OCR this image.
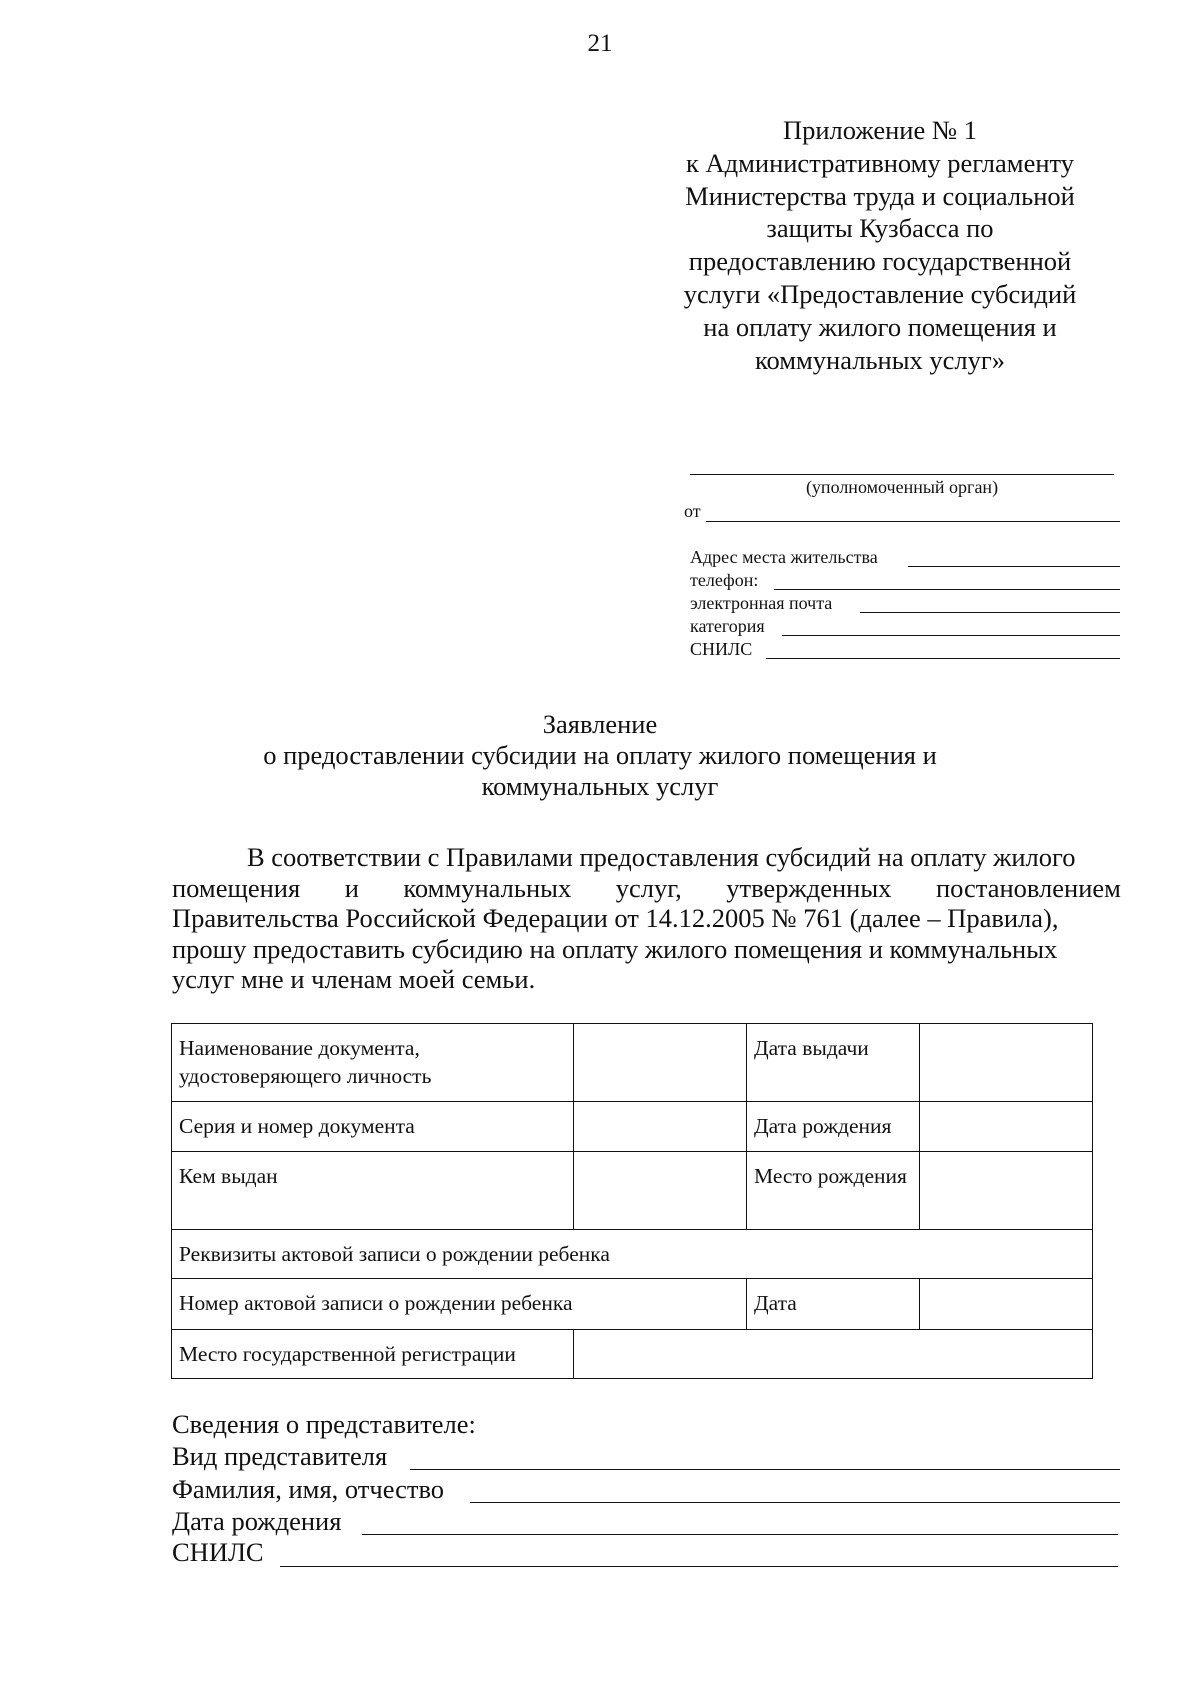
21
Приложение № 1
к Административному регламенту
Министерства труда и социальной
защиты Кузбасса по
предоставлению государственной
услуги «Предоставление субсидий
на оплату жилого помещения и
коммунальных услуг»
(уполномоченный орган)
от
Адрес места жительства
телефон:
электронная почта
категория
СНИЛС
Заявление
о предоставлении субсидии на оплату жилого помещения и
коммунальных услуг
В соответствии с Правилами предоставления субсидий на оплату жилого
помещения и коммунальных услуг, утвержденных постановлением
Правительства Российской Федерации от 14.12.2005 № 761 (далее – Правила),
прошу предоставить субсидию на оплату жилого помещения и коммунальных
услуг мне и членам моей семьи.
Наименование документа, удостоверяющего личность		Дата выдачи	
Серия и номер документа		Дата рождения	
Кем выдан		Место рождения	
Реквизиты актовой записи о рождении ребенка			
Номер актовой записи о рождении ребенка		Дата	
Место государственной регистрации			
Сведения о представителе:
Вид представителя
Фамилия, имя, отчество
Дата рождения
СНИЛС
